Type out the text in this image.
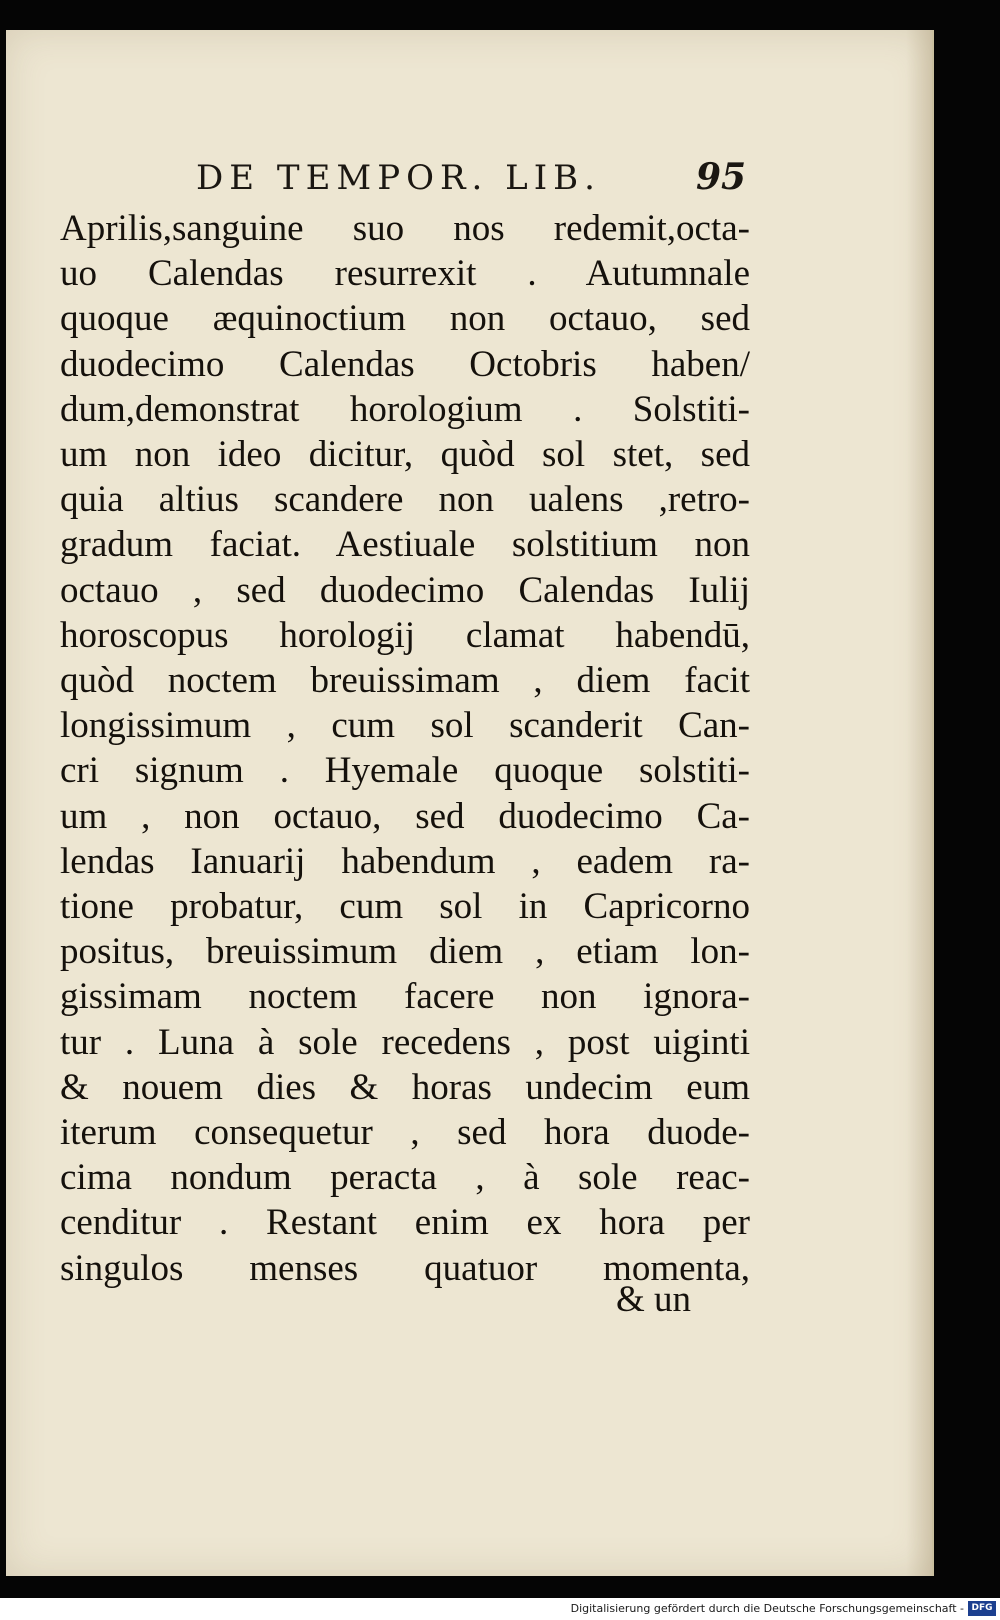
DE TEMPOR. LIB.	95
Aprilis,sanguine suo nos redemit,octa-
uo Calendas resurrexit . Autumnale
quoque æquinoctium non octauo, sed
duodecimo Calendas Octobris haben/
dum,demonstrat horologium . Solstiti-
um non ideo dicitur, quòd sol stet, sed
quia altius scandere non ualens ,retro-
gradum faciat. Aestiuale solstitium non
octauo , sed duodecimo Calendas Iulij
horoscopus horologij clamat habendū,
quòd noctem breuissimam , diem facit
longissimum , cum sol scanderit Can-
cri signum . Hyemale quoque solstiti-
um , non octauo, sed duodecimo Ca-
lendas Ianuarij habendum , eadem ra-
tione probatur, cum sol in Capricorno
positus, breuissimum diem , etiam lon-
gissimam noctem facere non ignora-
tur . Luna à sole recedens , post uiginti
& nouem dies & horas undecim eum
iterum consequetur , sed hora duode-
cima nondum peracta , à sole reac-
cenditur . Restant enim ex hora per
singulos menses quatuor momenta,
& un
Digitalisierung gefördert durch die Deutsche Forschungsgemeinschaft - DFG
